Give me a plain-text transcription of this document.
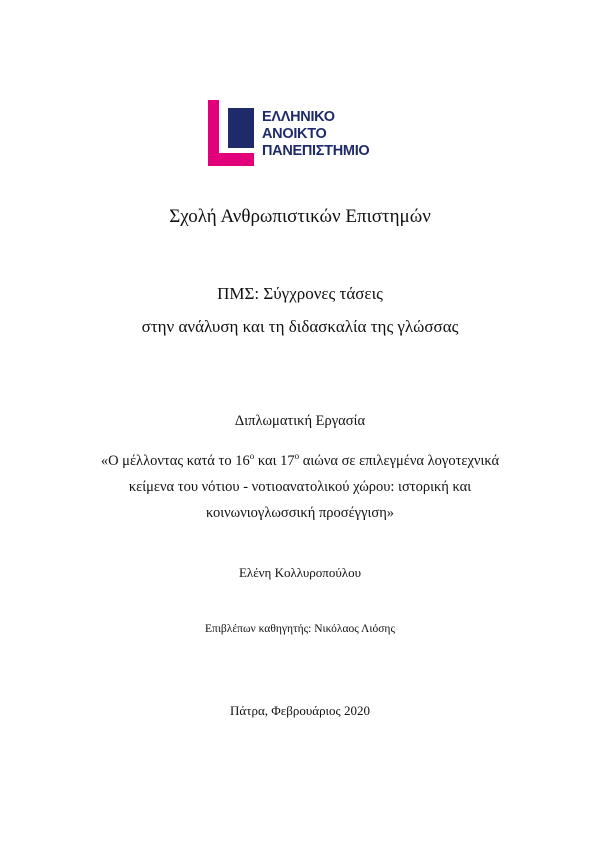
ΕΛΛΗΝΙΚΟ
ΑΝΟΙΚΤΟ
ΠΑΝΕΠΙΣΤΗΜΙΟ
Σχολή Ανθρωπιστικών Επιστημών
ΠΜΣ: Σύγχρονες τάσεις
στην ανάλυση και τη διδασκαλία της γλώσσας
Διπλωματική Εργασία
«Ο μέλλοντας κατά το $16^o$ και $17^o$ αιώνα σε επιλεγμένα λογοτεχνικά
κείμενα του νότιου - νοτιοανατολικού χώρου: ιστορική και
κοινωνιογλωσσική προσέγγιση»
Ελένη Κολλυροπούλου
Επιβλέπων καθηγητής: Νικόλαος Λιόσης
Πάτρα, Φεβρουάριος 2020
